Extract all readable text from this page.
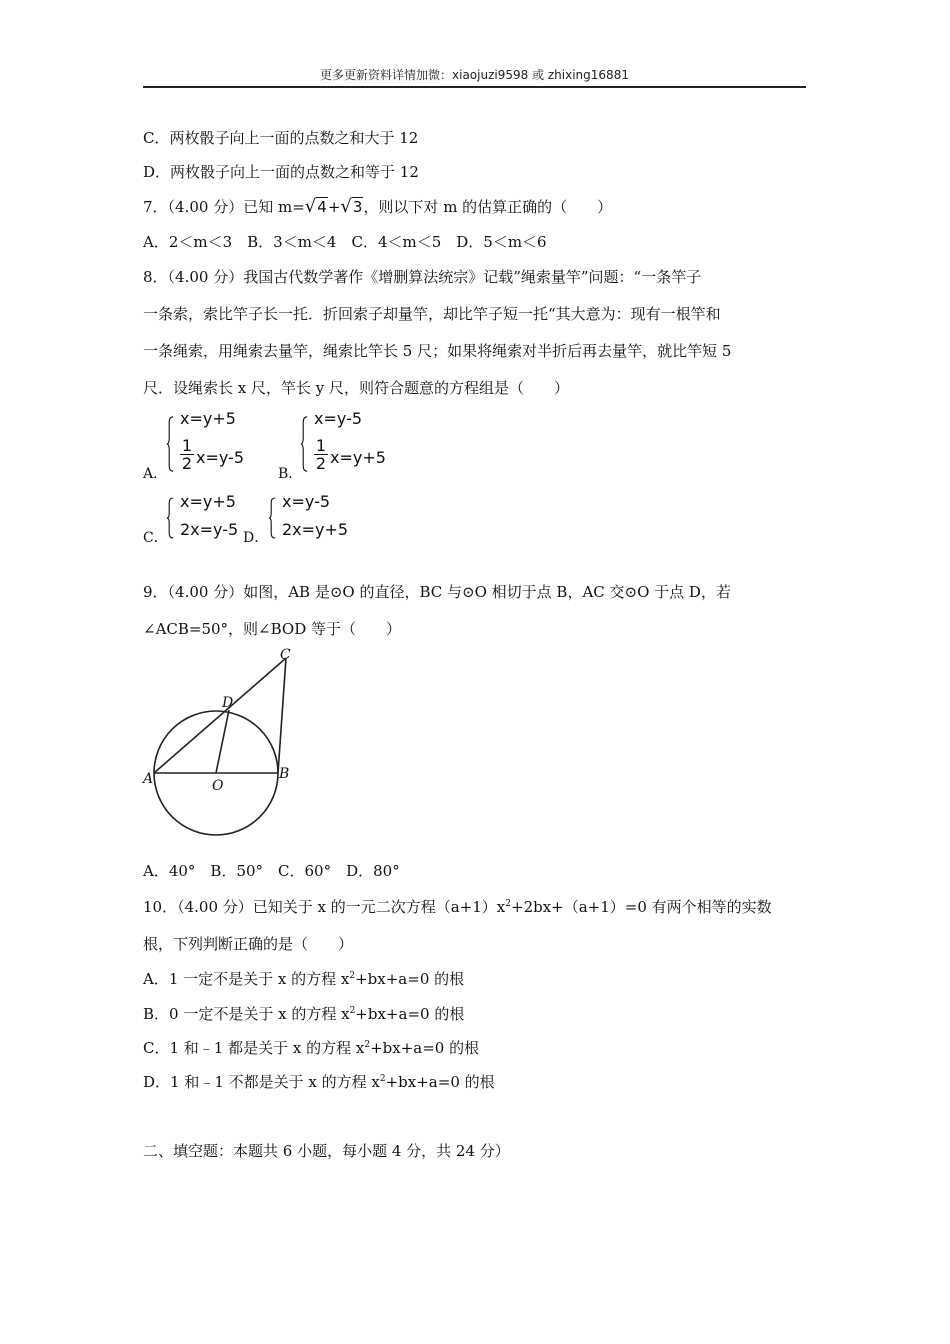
更多更新资料详情加微：xiaojuzi9598 或 zhixing16881
C．两枚骰子向上一面的点数之和大于 12
D．两枚骰子向上一面的点数之和等于 12
7．（4.00 分）已知 m=√4+√3，则以下对 m 的估算正确的（　　）
A．2＜m＜3　B．3＜m＜4　C．4＜m＜5　D．5＜m＜6
8．（4.00 分）我国古代数学著作《增删算法统宗》记载”绳索量竿”问题：“一条竿子
一条索，索比竿子长一托．折回索子却量竿，却比竿子短一托“其大意为：现有一根竿和
一条绳索，用绳索去量竿，绳索比竿长 5 尺；如果将绳索对半折后再去量竿，就比竿短 5
尺．设绳索长 x 尺，竿长 y 尺，则符合题意的方程组是（　　）
A．
x=y+5
$\frac{1}{2} x=y-5$
B．
x=y-5
$\frac{1}{2} x=y+5$
C．
x=y+5
2x=y-5 D．
x=y-5
2x=y+5
9．（4.00 分）如图，AB 是⊙O 的直径，BC 与⊙O 相切于点 B，AC 交⊙O 于点 D，若
∠ACB=50°，则∠BOD 等于（　　）
A	B
C
D
O
A．40°　B．50°　C．60°　D．80°
10．（4.00 分）已知关于 x 的一元二次方程$(a+1)x^2+2bx+(a+1)=0$ 有两个相等的实数
根，下列判断正确的是（　　）
A．1 一定不是关于 x 的方程 $x^2+bx+a=0$ 的根
B．0 一定不是关于 x 的方程 $x^2+bx+a=0$ 的根
C．1 和﹣1 都是关于 x 的方程 $x^2+bx+a=0$ 的根
D．1 和﹣1 不都是关于 x 的方程 $x^2+bx+a=0$ 的根
二、填空题：本题共 6 小题，每小题 4 分，共 24 分）
